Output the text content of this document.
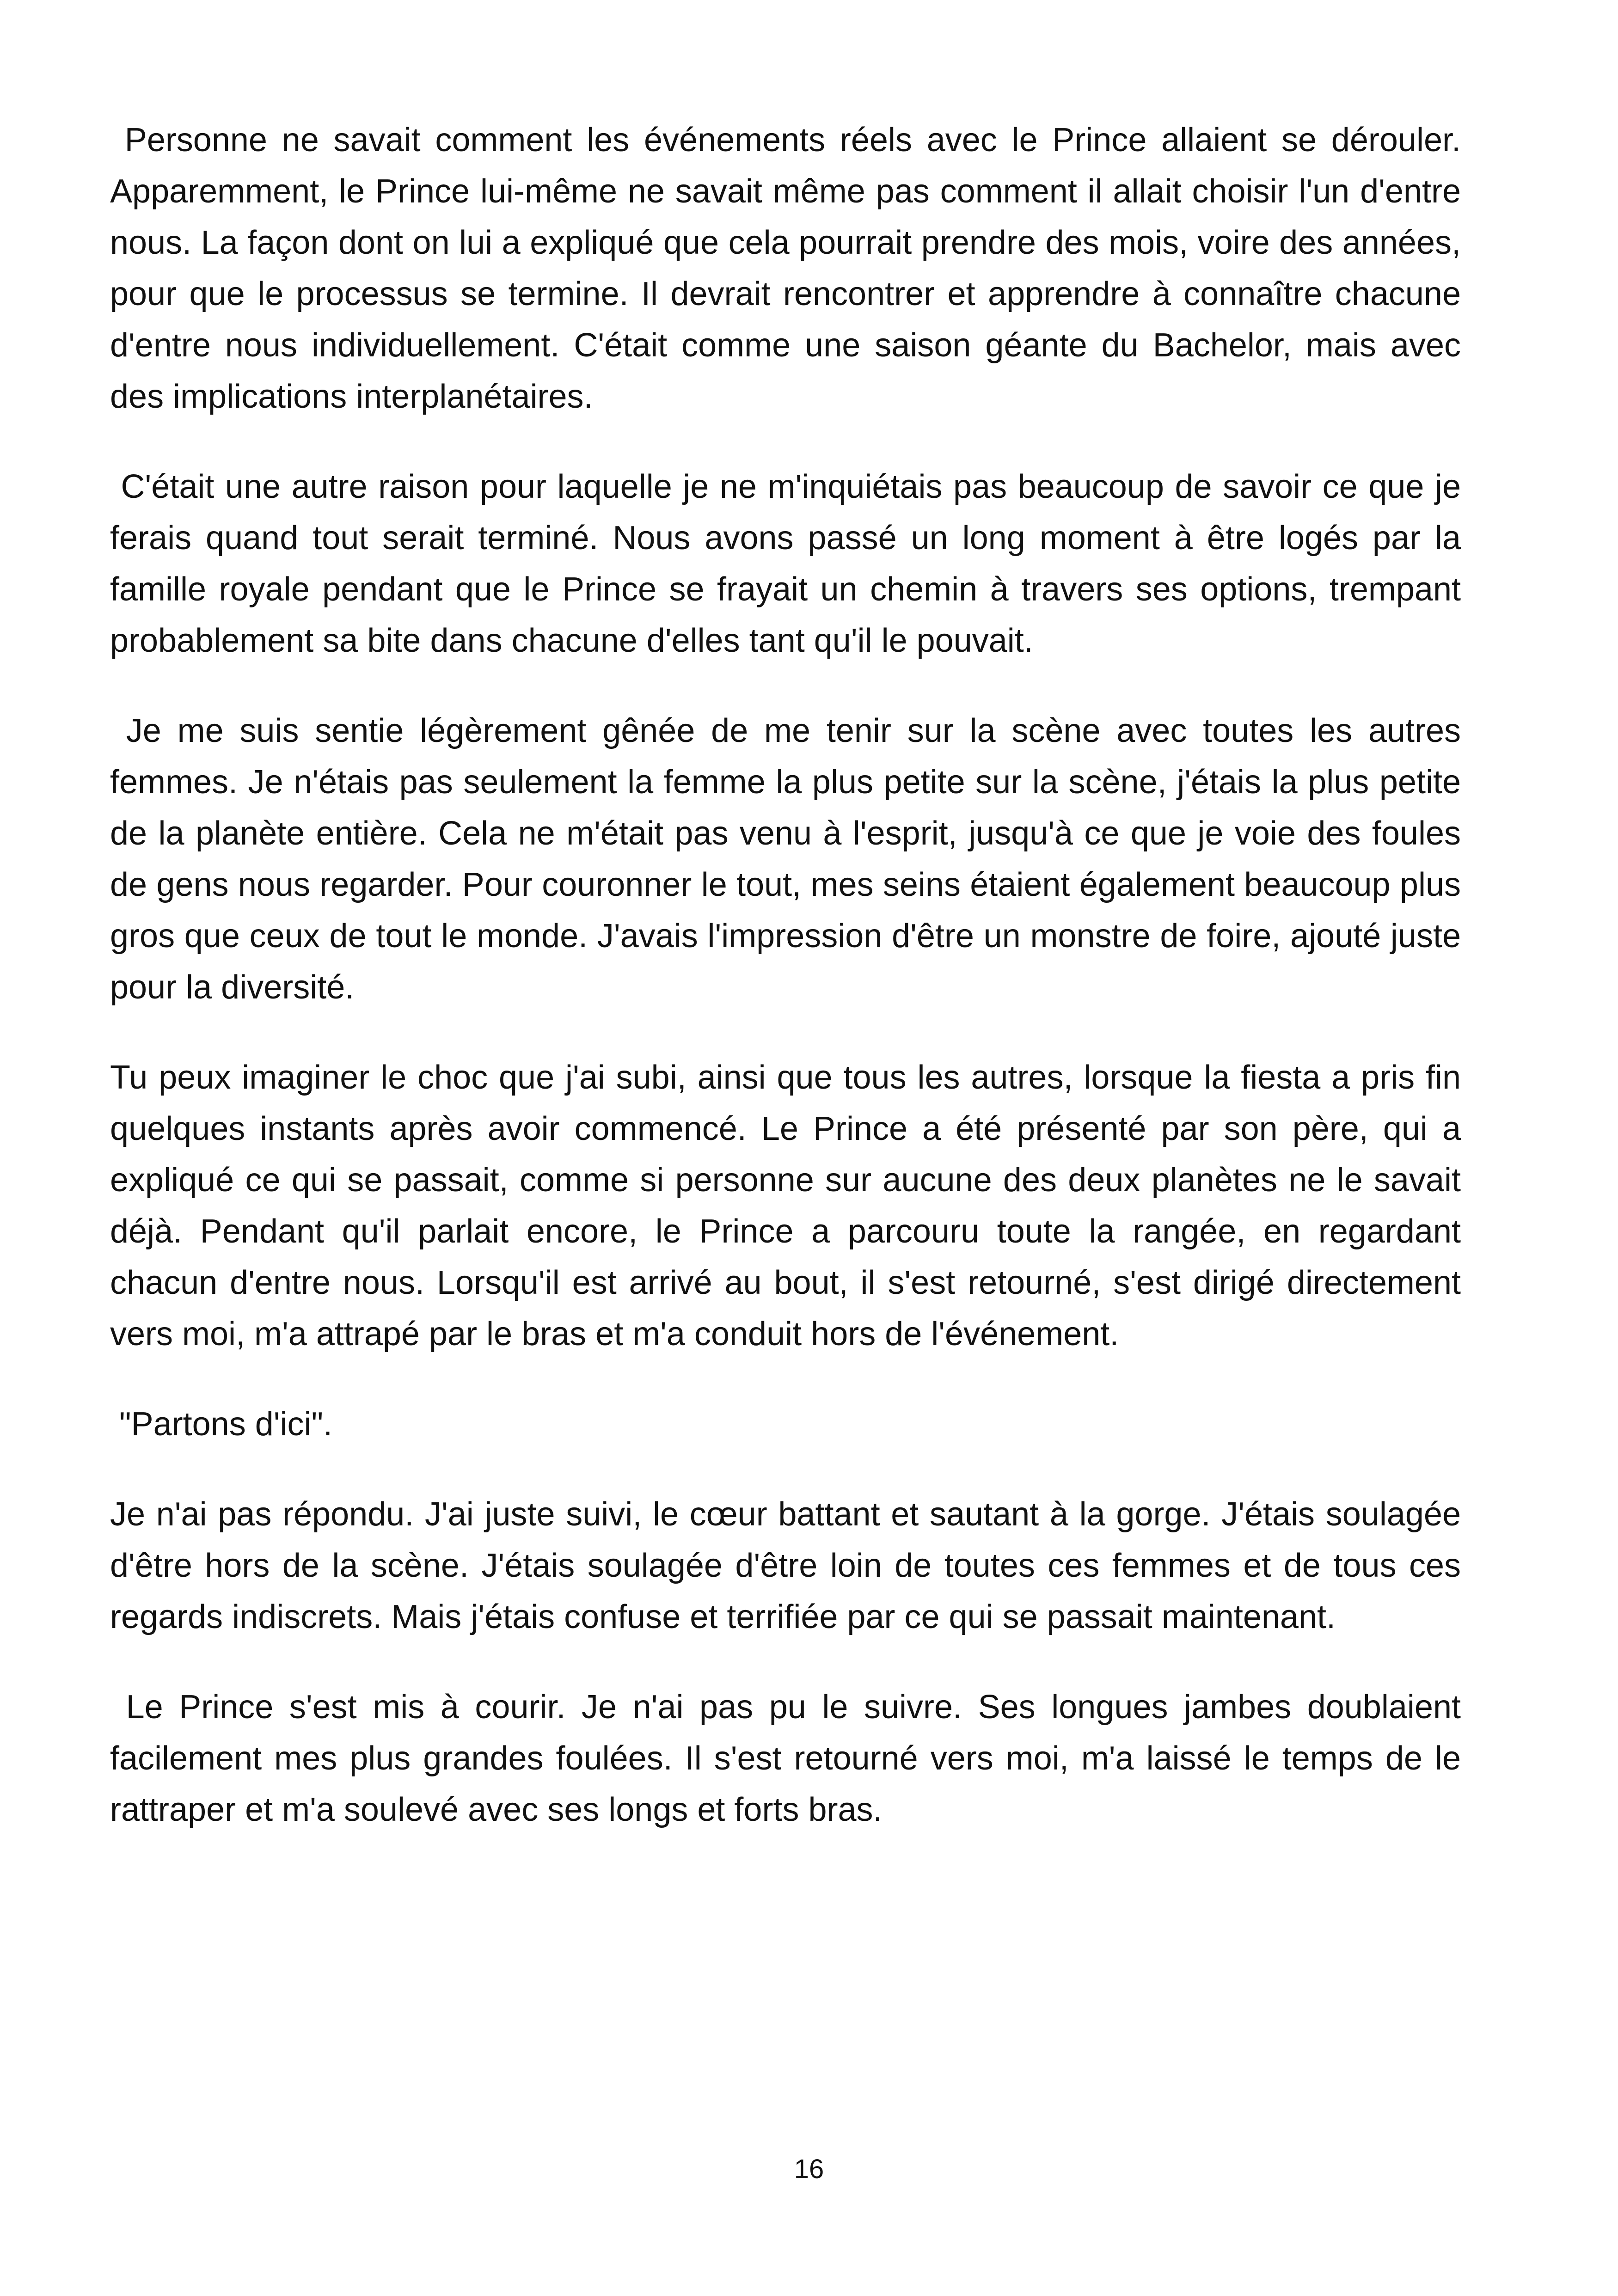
Personne ne savait comment les événements réels avec le Prince allaient se dérouler. Apparemment, le Prince lui-même ne savait même pas comment il allait choisir l'un d'entre nous. La façon dont on lui a expliqué que cela pourrait prendre des mois, voire des années, pour que le processus se termine. Il devrait rencontrer et apprendre à connaître chacune d'entre nous individuellement. C'était comme une saison géante du Bachelor, mais avec des implications interplanétaires.

C'était une autre raison pour laquelle je ne m'inquiétais pas beaucoup de savoir ce que je ferais quand tout serait terminé. Nous avons passé un long moment à être logés par la famille royale pendant que le Prince se frayait un chemin à travers ses options, trempant probablement sa bite dans chacune d'elles tant qu'il le pouvait.

Je me suis sentie légèrement gênée de me tenir sur la scène avec toutes les autres femmes. Je n'étais pas seulement la femme la plus petite sur la scène, j'étais la plus petite de la planète entière. Cela ne m'était pas venu à l'esprit, jusqu'à ce que je voie des foules de gens nous regarder. Pour couronner le tout, mes seins étaient également beaucoup plus gros que ceux de tout le monde. J'avais l'impression d'être un monstre de foire, ajouté juste pour la diversité.

Tu peux imaginer le choc que j'ai subi, ainsi que tous les autres, lorsque la fiesta a pris fin quelques instants après avoir commencé. Le Prince a été présenté par son père, qui a expliqué ce qui se passait, comme si personne sur aucune des deux planètes ne le savait déjà. Pendant qu'il parlait encore, le Prince a parcouru toute la rangée, en regardant chacun d'entre nous. Lorsqu'il est arrivé au bout, il s'est retourné, s'est dirigé directement vers moi, m'a attrapé par le bras et m'a conduit hors de l'événement.

"Partons d'ici".

Je n'ai pas répondu. J'ai juste suivi, le cœur battant et sautant à la gorge. J'étais soulagée d'être hors de la scène. J'étais soulagée d'être loin de toutes ces femmes et de tous ces regards indiscrets. Mais j'étais confuse et terrifiée par ce qui se passait maintenant.

Le Prince s'est mis à courir. Je n'ai pas pu le suivre. Ses longues jambes doublaient facilement mes plus grandes foulées. Il s'est retourné vers moi, m'a laissé le temps de le rattraper et m'a soulevé avec ses longs et forts bras.

16
